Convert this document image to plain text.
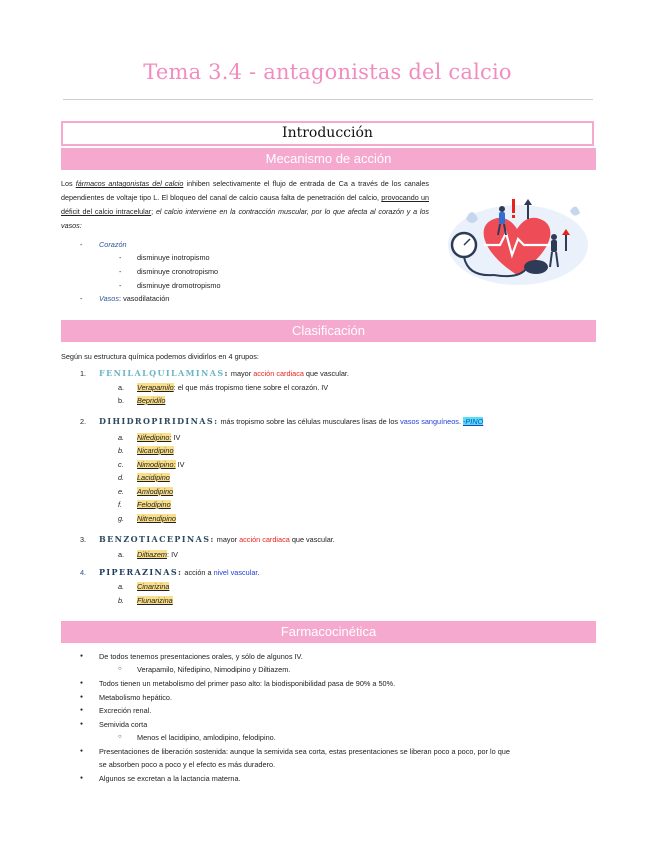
Tema 3.4 - antagonistas del calcio
Introducción
Mecanismo de acción
Los fármacos antagonistas del calcio inhiben selectivamente el flujo de entrada de Ca a través de los canales dependientes de voltaje tipo L. El bloqueo del canal de calcio causa falta de penetración del calcio, provocando un déficit del calcio intracelular; el calcio interviene en la contracción muscular, por lo que afecta al corazón y a los vasos:
- Corazón
- disminuye inotropismo
- disminuye cronotropismo
- disminuye dromotropismo
- Vasos: vasodilatación
Clasificación
Según su estructura química podemos dividirlos en 4 grupos:
1. FENILALQUILAMINAS: mayor acción cardiaca que vascular.
a. Verapamilo: el que más tropismo tiene sobre el corazón. IV
b. Bepridilo
2. DIHIDROPIRIDINAS: más tropismo sobre las células musculares lisas de los vasos sanguíneos. -PINO
a. Nifedipino: IV
b. Nicardipino
c. Nimodipino: IV
d. Lacidipino
e. Amlodipino
f. Felodipino
g. Nitrendipino
3. BENZOTIACEPINAS: mayor acción cardiaca que vascular.
a. Diltiazem: IV
4. PIPERAZINAS: acción a nivel vascular.
a. Cinarizina
b. Flunarizina
Farmacocinética
● De todos tenemos presentaciones orales, y sólo de algunos IV.
○ Verapamilo, Nifedipino, Nimodipino y Diltiazem.
● Todos tienen un metabolismo del primer paso alto: la biodisponibilidad pasa de 90% a 50%.
● Metabolismo hepático.
● Excreción renal.
● Semivida corta
○ Menos el lacidipino, amlodipino, felodipino.
● Presentaciones de liberación sostenida: aunque la semivida sea corta, estas presentaciones se liberan poco a poco, por lo que
se absorben poco a poco y el efecto es más duradero.
● Algunos se excretan a la lactancia materna.
